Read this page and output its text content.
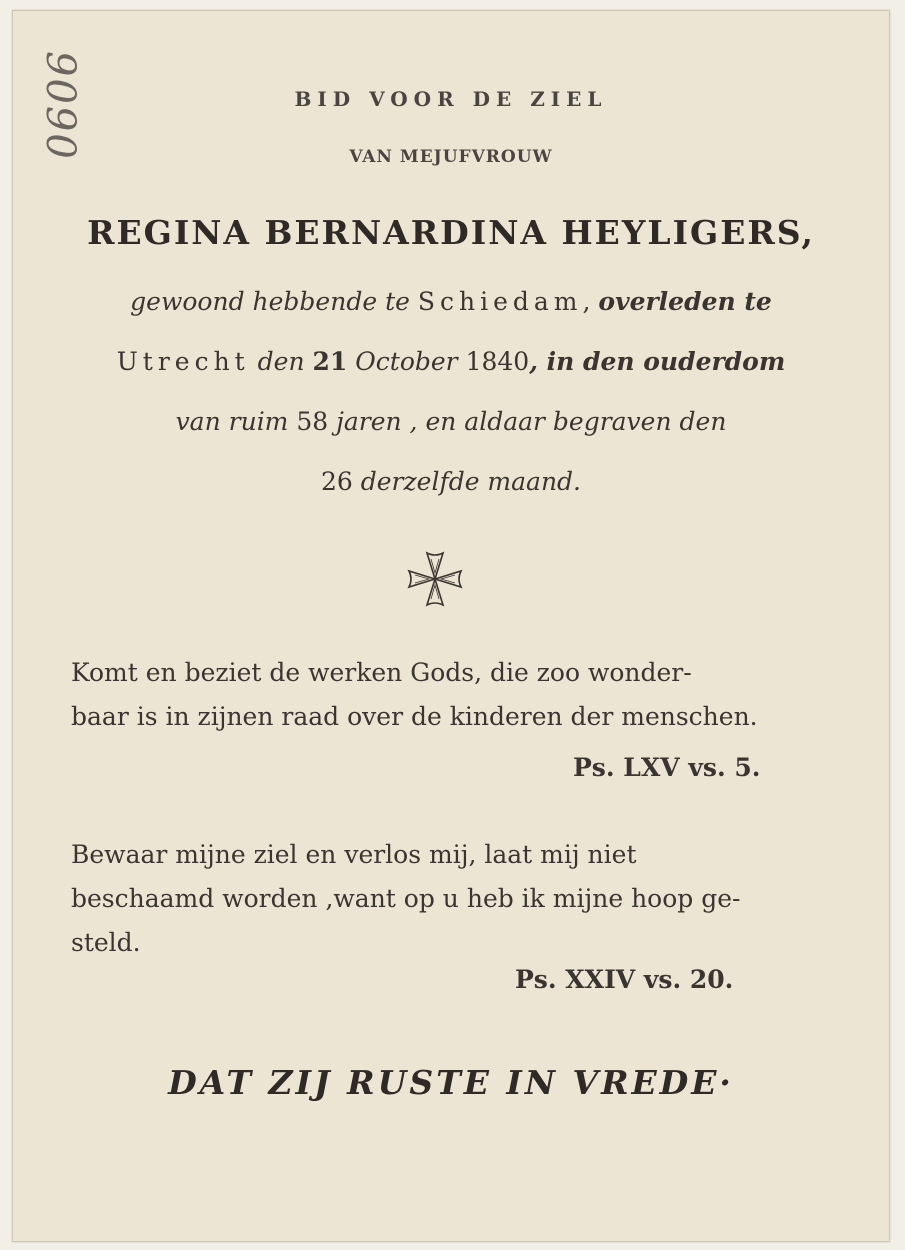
9090	BID VOOR DE ZIEL
VAN MEJUFVROUW
REGINA BERNARDINA HEYLIGERS,
gewoond hebbende te Schiedam, overleden te
Utrecht den 21 October 1840, in den ouderdom
van ruim 58 jaren , en aldaar begraven den
26 derzelfde maand.
Komt en beziet de werken Gods, die zoo wonder-
baar is in zijnen raad over de kinderen der menschen.
Ps. LXV vs. 5.
Bewaar mijne ziel en verlos mij, laat mij niet
beschaamd worden ,want op u heb ik mijne hoop ge-
steld.
Ps. XXIV vs. 20.
DAT ZIJ RUSTE IN VREDE·
